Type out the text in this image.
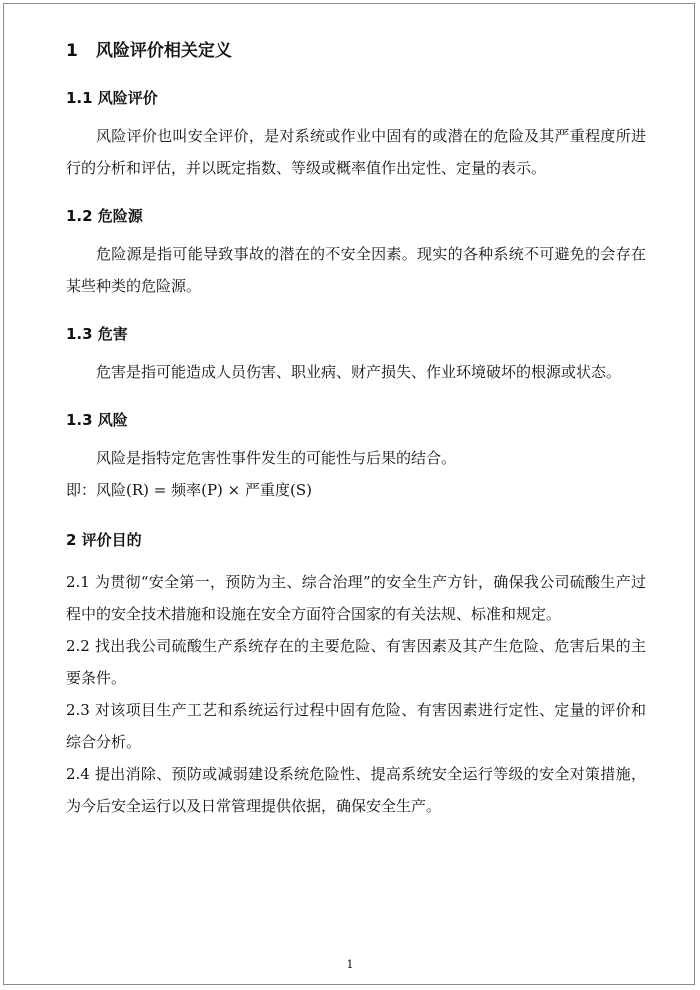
1 风险评价相关定义
1.1 风险评价

风险评价也叫安全评价，是对系统或作业中固有的或潜在的危险及其严重程度所进行的分析和评估，并以既定指数、等级或概率值作出定性、定量的表示。

1.2 危险源

危险源是指可能导致事故的潜在的不安全因素。现实的各种系统不可避免的会存在某些种类的危险源。

1.3 危害

危害是指可能造成人员伤害、职业病、财产损失、作业环境破坏的根源或状态。

1.3 风险

风险是指特定危害性事件发生的可能性与后果的结合。

即：风险(R) = 频率(P) × 严重度(S)

2 评价目的

2.1 为贯彻“安全第一，预防为主、综合治理”的安全生产方针，确保我公司硫酸生产过程中的安全技术措施和设施在安全方面符合国家的有关法规、标准和规定。

2.2 找出我公司硫酸生产系统存在的主要危险、有害因素及其产生危险、危害后果的主要条件。

2.3 对该项目生产工艺和系统运行过程中固有危险、有害因素进行定性、定量的评价和综合分析。

2.4 提出消除、预防或减弱建设系统危险性、提高系统安全运行等级的安全对策措施，为今后安全运行以及日常管理提供依据，确保安全生产。

1
